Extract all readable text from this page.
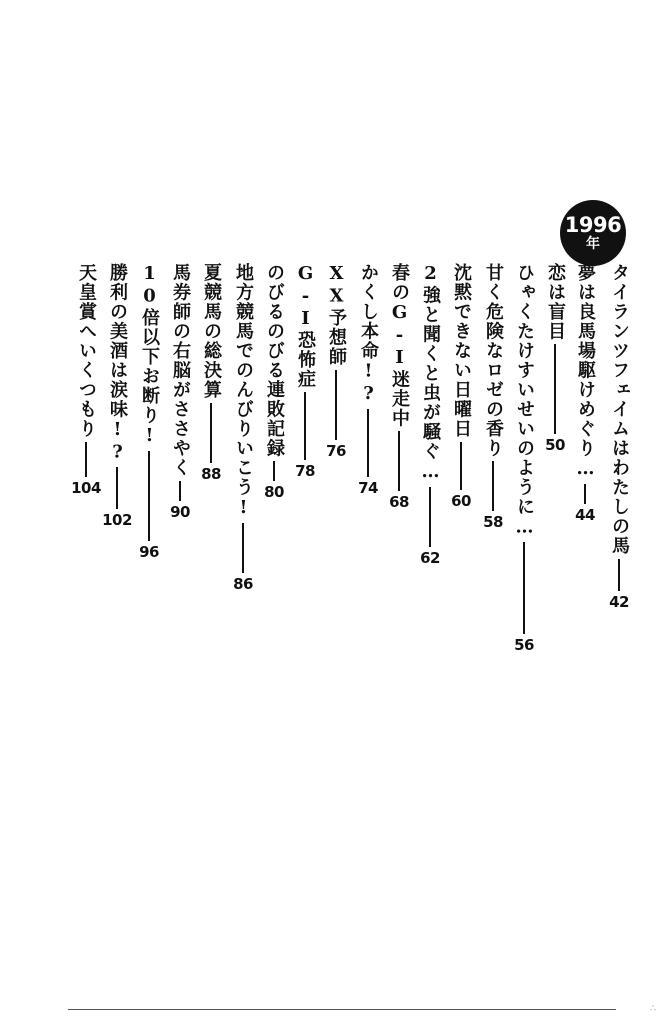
1996
年
タイランツフェイムはわたしの馬
42
夢は良馬場駆けめぐり…
44
恋は盲目
50
ひゃくたけすいせいのように…
56
甘く危険なロゼの香り
58
沈黙できない日曜日
60
2強と聞くと虫が騒ぐ…
62
春のG-I迷走中
68
かくし本命!?
74
XX予想師
76
G-I恐怖症
78
のびるのびる連敗記録
80
地方競馬でのんびりいこう!
86
夏競馬の総決算
88
馬券師の右脳がささやく
90
10倍以下お断り!
96
勝利の美酒は涙味!?
102
天皇賞へいくつもり
104
∴
